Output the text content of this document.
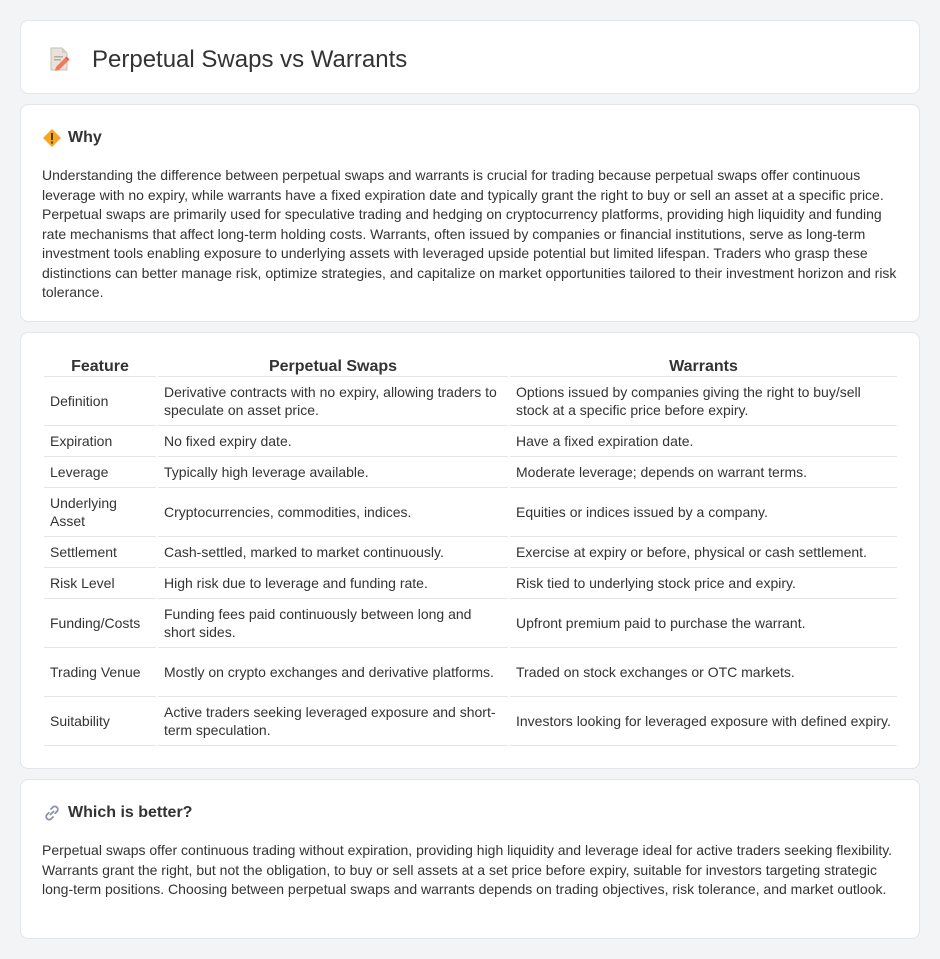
Perpetual Swaps vs Warrants
Why

Understanding the difference between perpetual swaps and warrants is crucial for trading because perpetual swaps offer continuous leverage with no expiry, while warrants have a fixed expiration date and typically grant the right to buy or sell an asset at a specific price. Perpetual swaps are primarily used for speculative trading and hedging on cryptocurrency platforms, providing high liquidity and funding rate mechanisms that affect long-term holding costs. Warrants, often issued by companies or financial institutions, serve as long-term investment tools enabling exposure to underlying assets with leveraged upside potential but limited lifespan. Traders who grasp these distinctions can better manage risk, optimize strategies, and capitalize on market opportunities tailored to their investment horizon and risk tolerance.

Feature	Perpetual Swaps	Warrants
Definition	Derivative contracts with no expiry, allowing traders to speculate on asset price.	Options issued by companies giving the right to buy/sell stock at a specific price before expiry.
Expiration	No fixed expiry date.	Have a fixed expiration date.
Leverage	Typically high leverage available.	Moderate leverage; depends on warrant terms.
Underlying Asset	Cryptocurrencies, commodities, indices.	Equities or indices issued by a company.
Settlement	Cash-settled, marked to market continuously.	Exercise at expiry or before, physical or cash settlement.
Risk Level	High risk due to leverage and funding rate.	Risk tied to underlying stock price and expiry.
Funding/Costs	Funding fees paid continuously between long and short sides.	Upfront premium paid to purchase the warrant.
Trading Venue	Mostly on crypto exchanges and derivative platforms.	Traded on stock exchanges or OTC markets.
Suitability	Active traders seeking leveraged exposure and short-term speculation.	Investors looking for leveraged exposure with defined expiry.
Which is better?

Perpetual swaps offer continuous trading without expiration, providing high liquidity and leverage ideal for active traders seeking flexibility. Warrants grant the right, but not the obligation, to buy or sell assets at a set price before expiry, suitable for investors targeting strategic long-term positions. Choosing between perpetual swaps and warrants depends on trading objectives, risk tolerance, and market outlook.
